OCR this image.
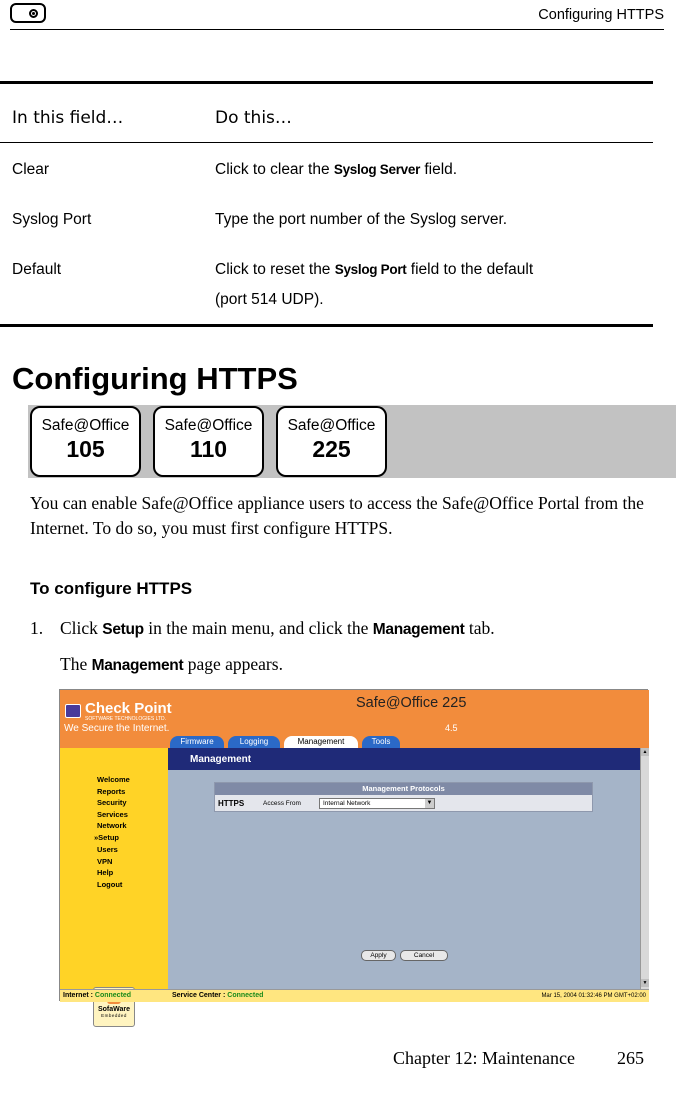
Configuring HTTPS
In this field…	Do this…
Clear	Click to clear the Syslog Server field.
Syslog Port	Type the port number of the Syslog server.
Default	Click to reset the Syslog Port field to the default
(port 514 UDP).
Configuring HTTPS
Safe@Office
105
Safe@Office
110
Safe@Office
225
You can enable Safe@Office appliance users to access the Safe@Office Portal from the Internet. To do so, you must first configure HTTPS.
To configure HTTPS
1. Click Setup in the main menu, and click the Management tab.
The Management page appears.
Check Point
SOFTWARE TECHNOLOGIES LTD.
We Secure the Internet.
Safe@Office 225
4.5
Firmware	Logging	Management	Tools
Welcome
Reports
Security
Services
Network
»Setup
Users
VPN
Help
Logout
SofaWare
Embedded
Management
Management Protocols
HTTPS	Access From	Internal Network	▼
Apply	Cancel
▲
▼
Internet : Connected	Service Center : Connected	Mar 15, 2004 01:32:46 PM GMT+02:00
Chapter 12: Maintenance 265
